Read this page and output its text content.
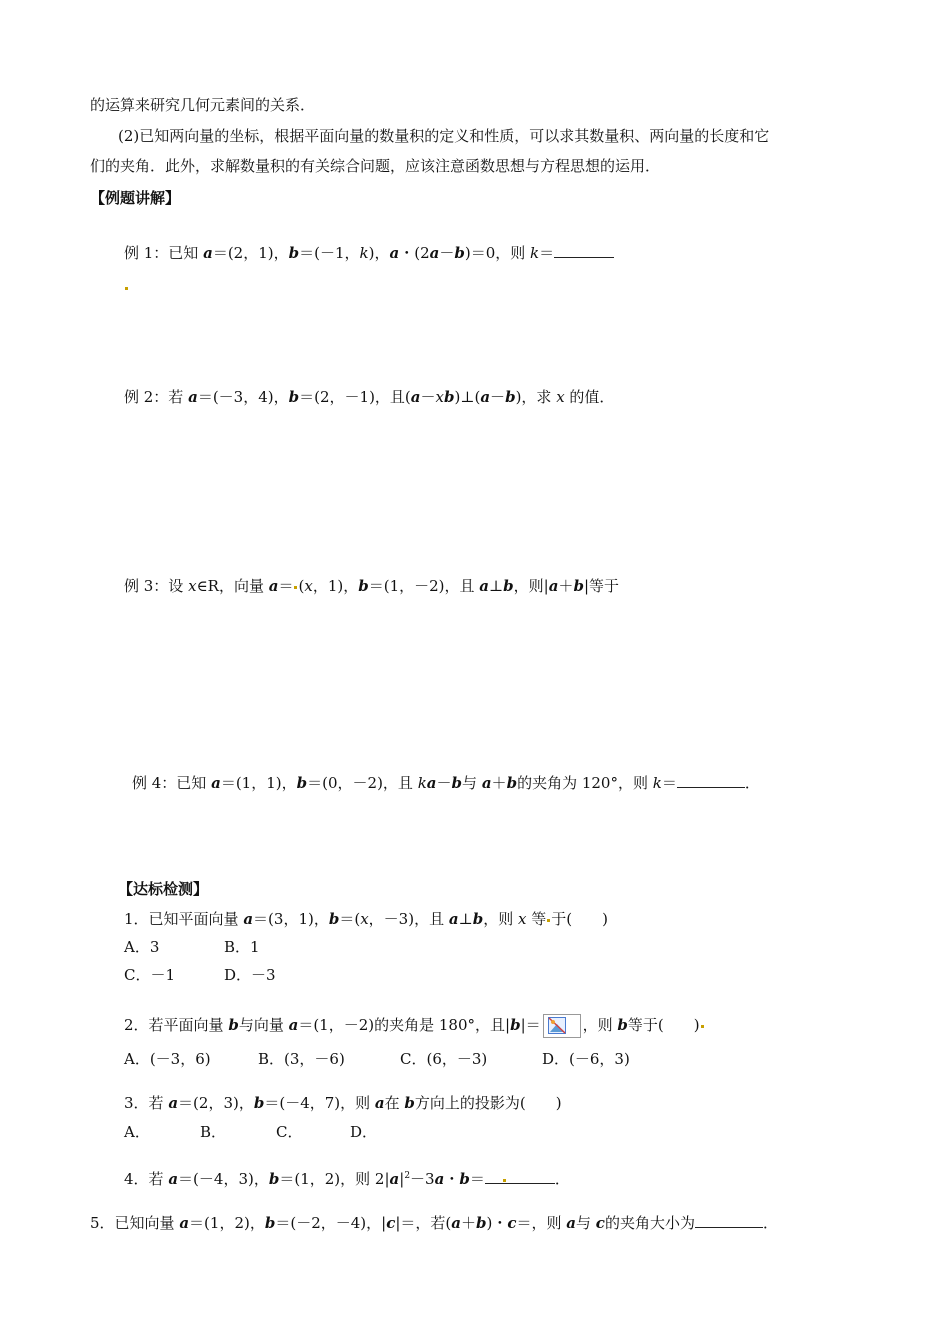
的运算来研究几何元素间的关系．
(2)已知两向量的坐标，根据平面向量的数量积的定义和性质，可以求其数量积、两向量的长度和它
们的夹角．此外，求解数量积的有关综合问题，应该注意函数思想与方程思想的运用．
【例题讲解】
例 1：已知 a＝(2，1)，b＝(－1，k)，a・(2a－b)＝0，则 k＝
例 2：若 a＝(－3，4)，b＝(2，－1)，且(a－xb)⊥(a－b)，求 x 的值．
例 3：设 x∈R，向量 a＝ (x，1)，b＝(1，－2)，且 a⊥b，则|a＋b|等于
例 4：已知 a＝(1，1)，b＝(0，－2)，且 ka－b与 a＋b的夹角为 120°，则 k＝	．
【达标检测】
1．已知平面向量 a＝(3，1)，b＝(x，－3)，且 a⊥b，则 x 等 于(　　)
A．3	B．1
C．－1	D．－3
2．若平面向量 b与向量 a＝(1，－2)的夹角是 180°，且|b|＝	，则 b等于(　　)
A．(－3，6)	B．(3，－6)	C．(6，－3)	D．(－6，3)
3．若 a＝(2，3)，b＝(－4，7)，则 a在 b方向上的投影为(　　)
A．	B．	C．	D．
4．若 a＝(－4，3)，b＝(1，2)，则 $2|a|^2-3a$・b＝	．
5．已知向量 a＝(1，2)，b＝(－2，－4)，|c|＝，若(a＋b)・c＝，则 a与 c的夹角大小为	．
